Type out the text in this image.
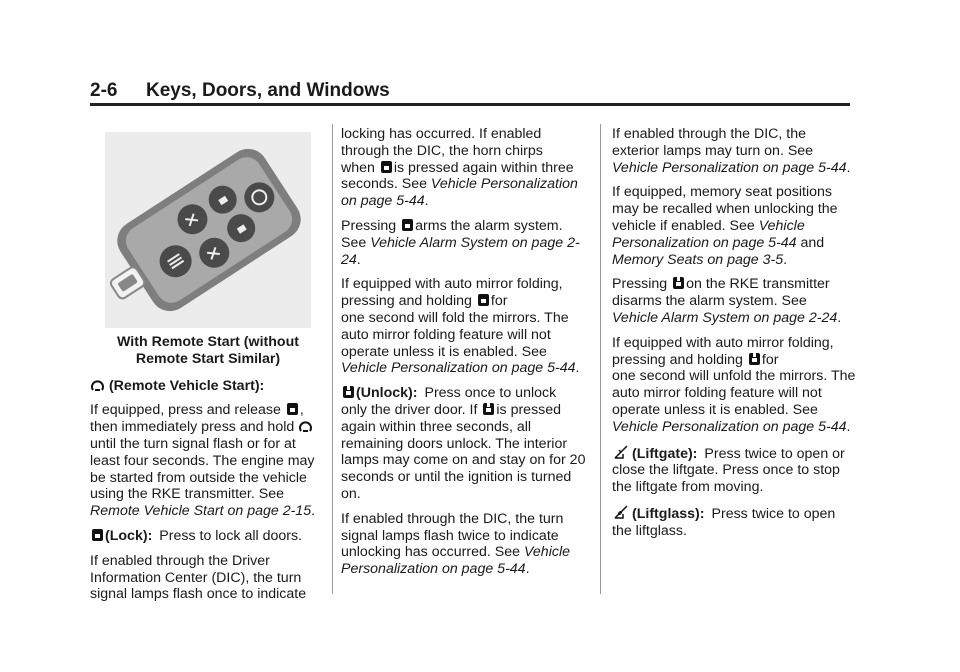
2-6 Keys, Doors, and Windows
With Remote Start (without
Remote Start Similar)

(Remote Vehicle Start):

If equipped, press and release ,
then immediately press and hold
until the turn signal flash or for at least four seconds. The engine may be started from outside the vehicle using the RKE transmitter. See Remote Vehicle Start on page 2-15.

(Lock): Press to lock all doors.

If enabled through the Driver Information Center (DIC), the turn signal lamps flash once to indicate

locking has occurred. If enabled through the DIC, the horn chirps
when is pressed again within three seconds. See Vehicle Personalization on page 5-44.

Pressing arms the alarm system. See Vehicle Alarm System on page 2-24.

If equipped with auto mirror folding,
pressing and holding for
one second will fold the mirrors. The auto mirror folding feature will not operate unless it is enabled. See Vehicle Personalization on page 5-44.

(Unlock): Press once to unlock
only the driver door. If is pressed
again within three seconds, all remaining doors unlock. The interior lamps may come on and stay on for 20 seconds or until the ignition is turned on.

If enabled through the DIC, the turn signal lamps flash twice to indicate unlocking has occurred. See Vehicle Personalization on page 5-44.

If enabled through the DIC, the exterior lamps may turn on. See Vehicle Personalization on page 5-44.

If equipped, memory seat positions may be recalled when unlocking the vehicle if enabled. See Vehicle Personalization on page 5-44 and Memory Seats on page 3-5.

Pressing on the RKE transmitter
disarms the alarm system. See Vehicle Alarm System on page 2-24.

If equipped with auto mirror folding,
pressing and holding for
one second will unfold the mirrors. The auto mirror folding feature will not operate unless it is enabled. See Vehicle Personalization on page 5-44.

(Liftgate): Press twice to open or close the liftgate. Press once to stop the liftgate from moving.

(Liftglass): Press twice to open the liftglass.
